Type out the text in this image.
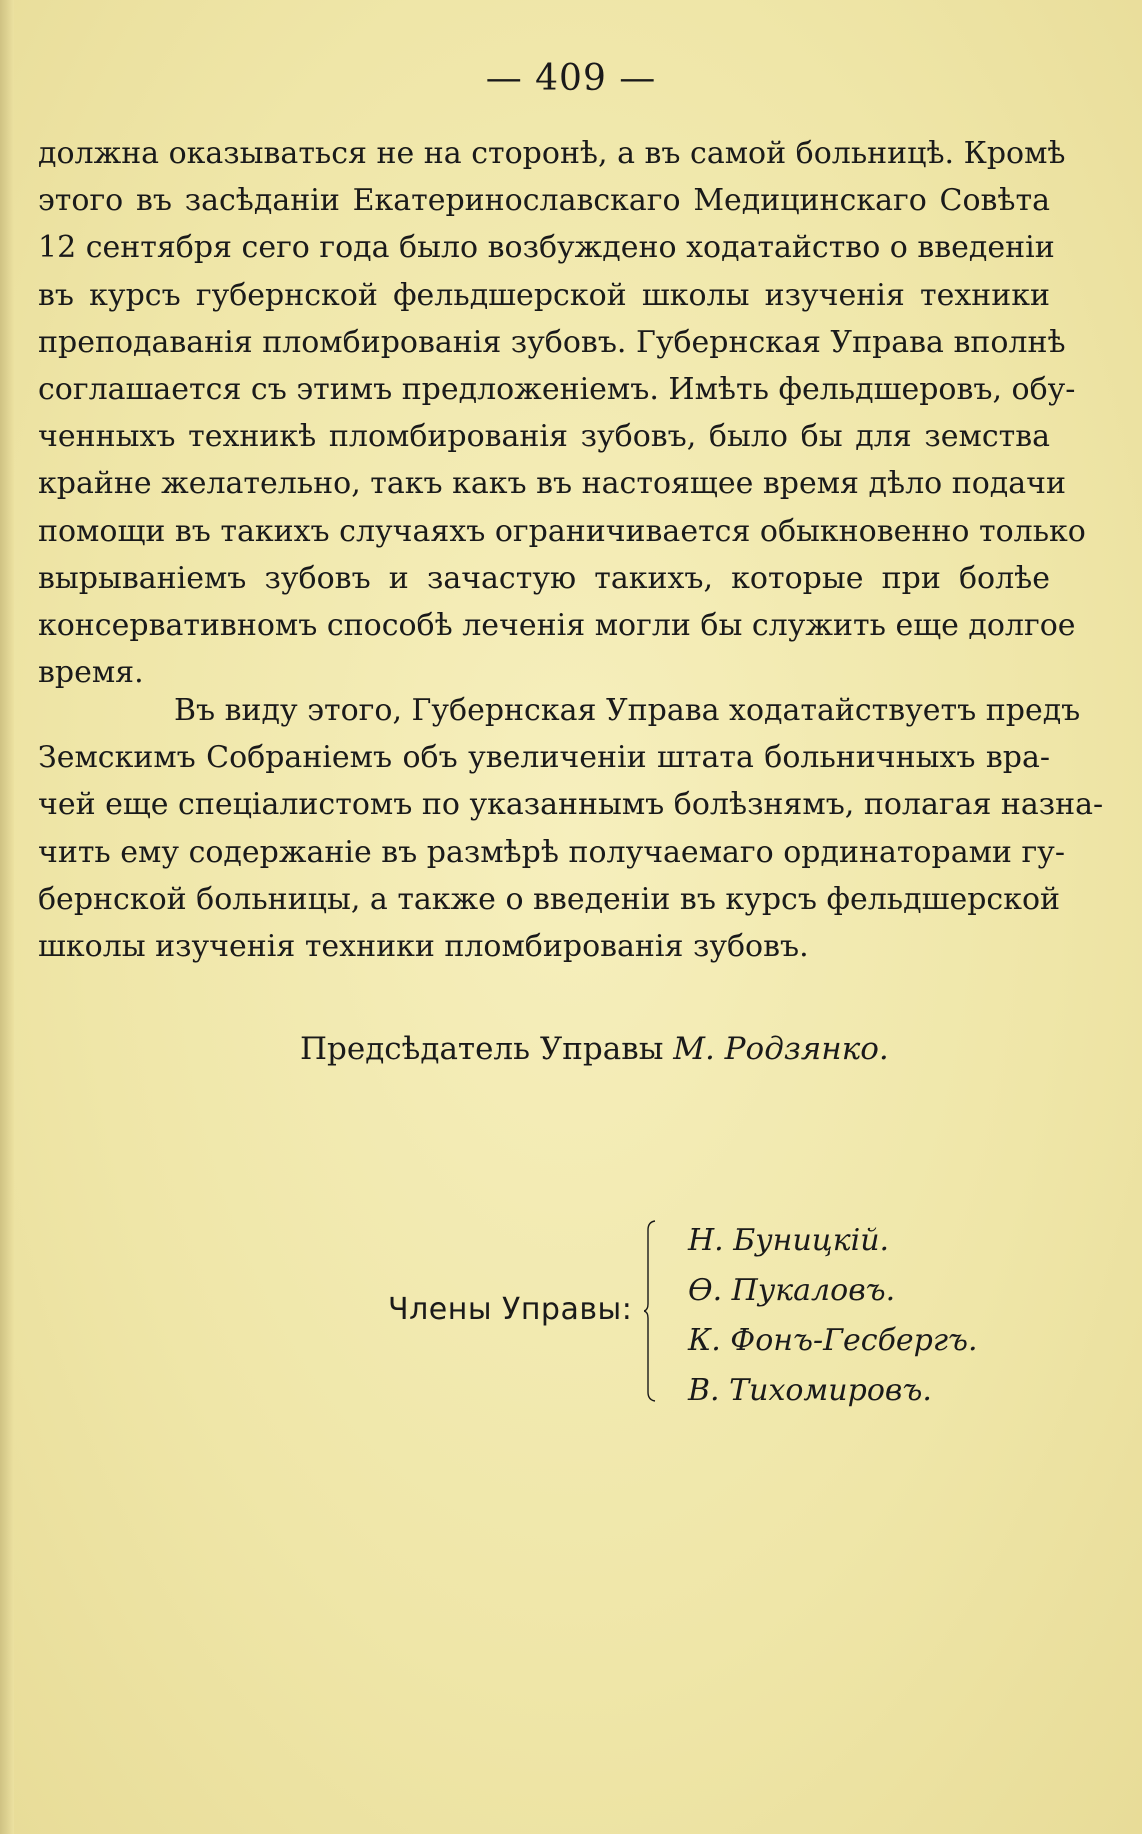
— 409 —
должна оказываться не на сторонѣ, а въ самой больницѣ. Кромѣ
этого въ засѣданіи Екатеринославскаго Медицинскаго Совѣта
12 сентября сего года было возбуждено ходатайство о введеніи
въ курсъ губернской фельдшерской школы изученія техники
преподаванія пломбированія зубовъ. Губернская Управа вполнѣ
соглашается съ этимъ предложеніемъ. Имѣть фельдшеровъ, обу-
ченныхъ техникѣ пломбированія зубовъ, было бы для земства
крайне желательно, такъ какъ въ настоящее время дѣло подачи
помощи въ такихъ случаяхъ ограничивается обыкновенно только
вырываніемъ зубовъ и зачастую такихъ, которые при болѣе
консервативномъ способѣ леченія могли бы служить еще долгое
время.
Въ виду этого, Губернская Управа ходатайствуетъ предъ
Земскимъ Собраніемъ объ увеличеніи штата больничныхъ вра-
чей еще спеціалистомъ по указаннымъ болѣзнямъ, полагая назна-
чить ему содержаніе въ размѣрѣ получаемаго ординаторами гу-
бернской больницы, а также о введеніи въ курсъ фельдшерской
школы изученія техники пломбированія зубовъ.
Предсѣдатель Управы М. Родзянко.
Члены Управы:
Н. Буницкій.
Ѳ. Пукаловъ.
К. Фонъ-Гесбергъ.
В. Тихомировъ.
